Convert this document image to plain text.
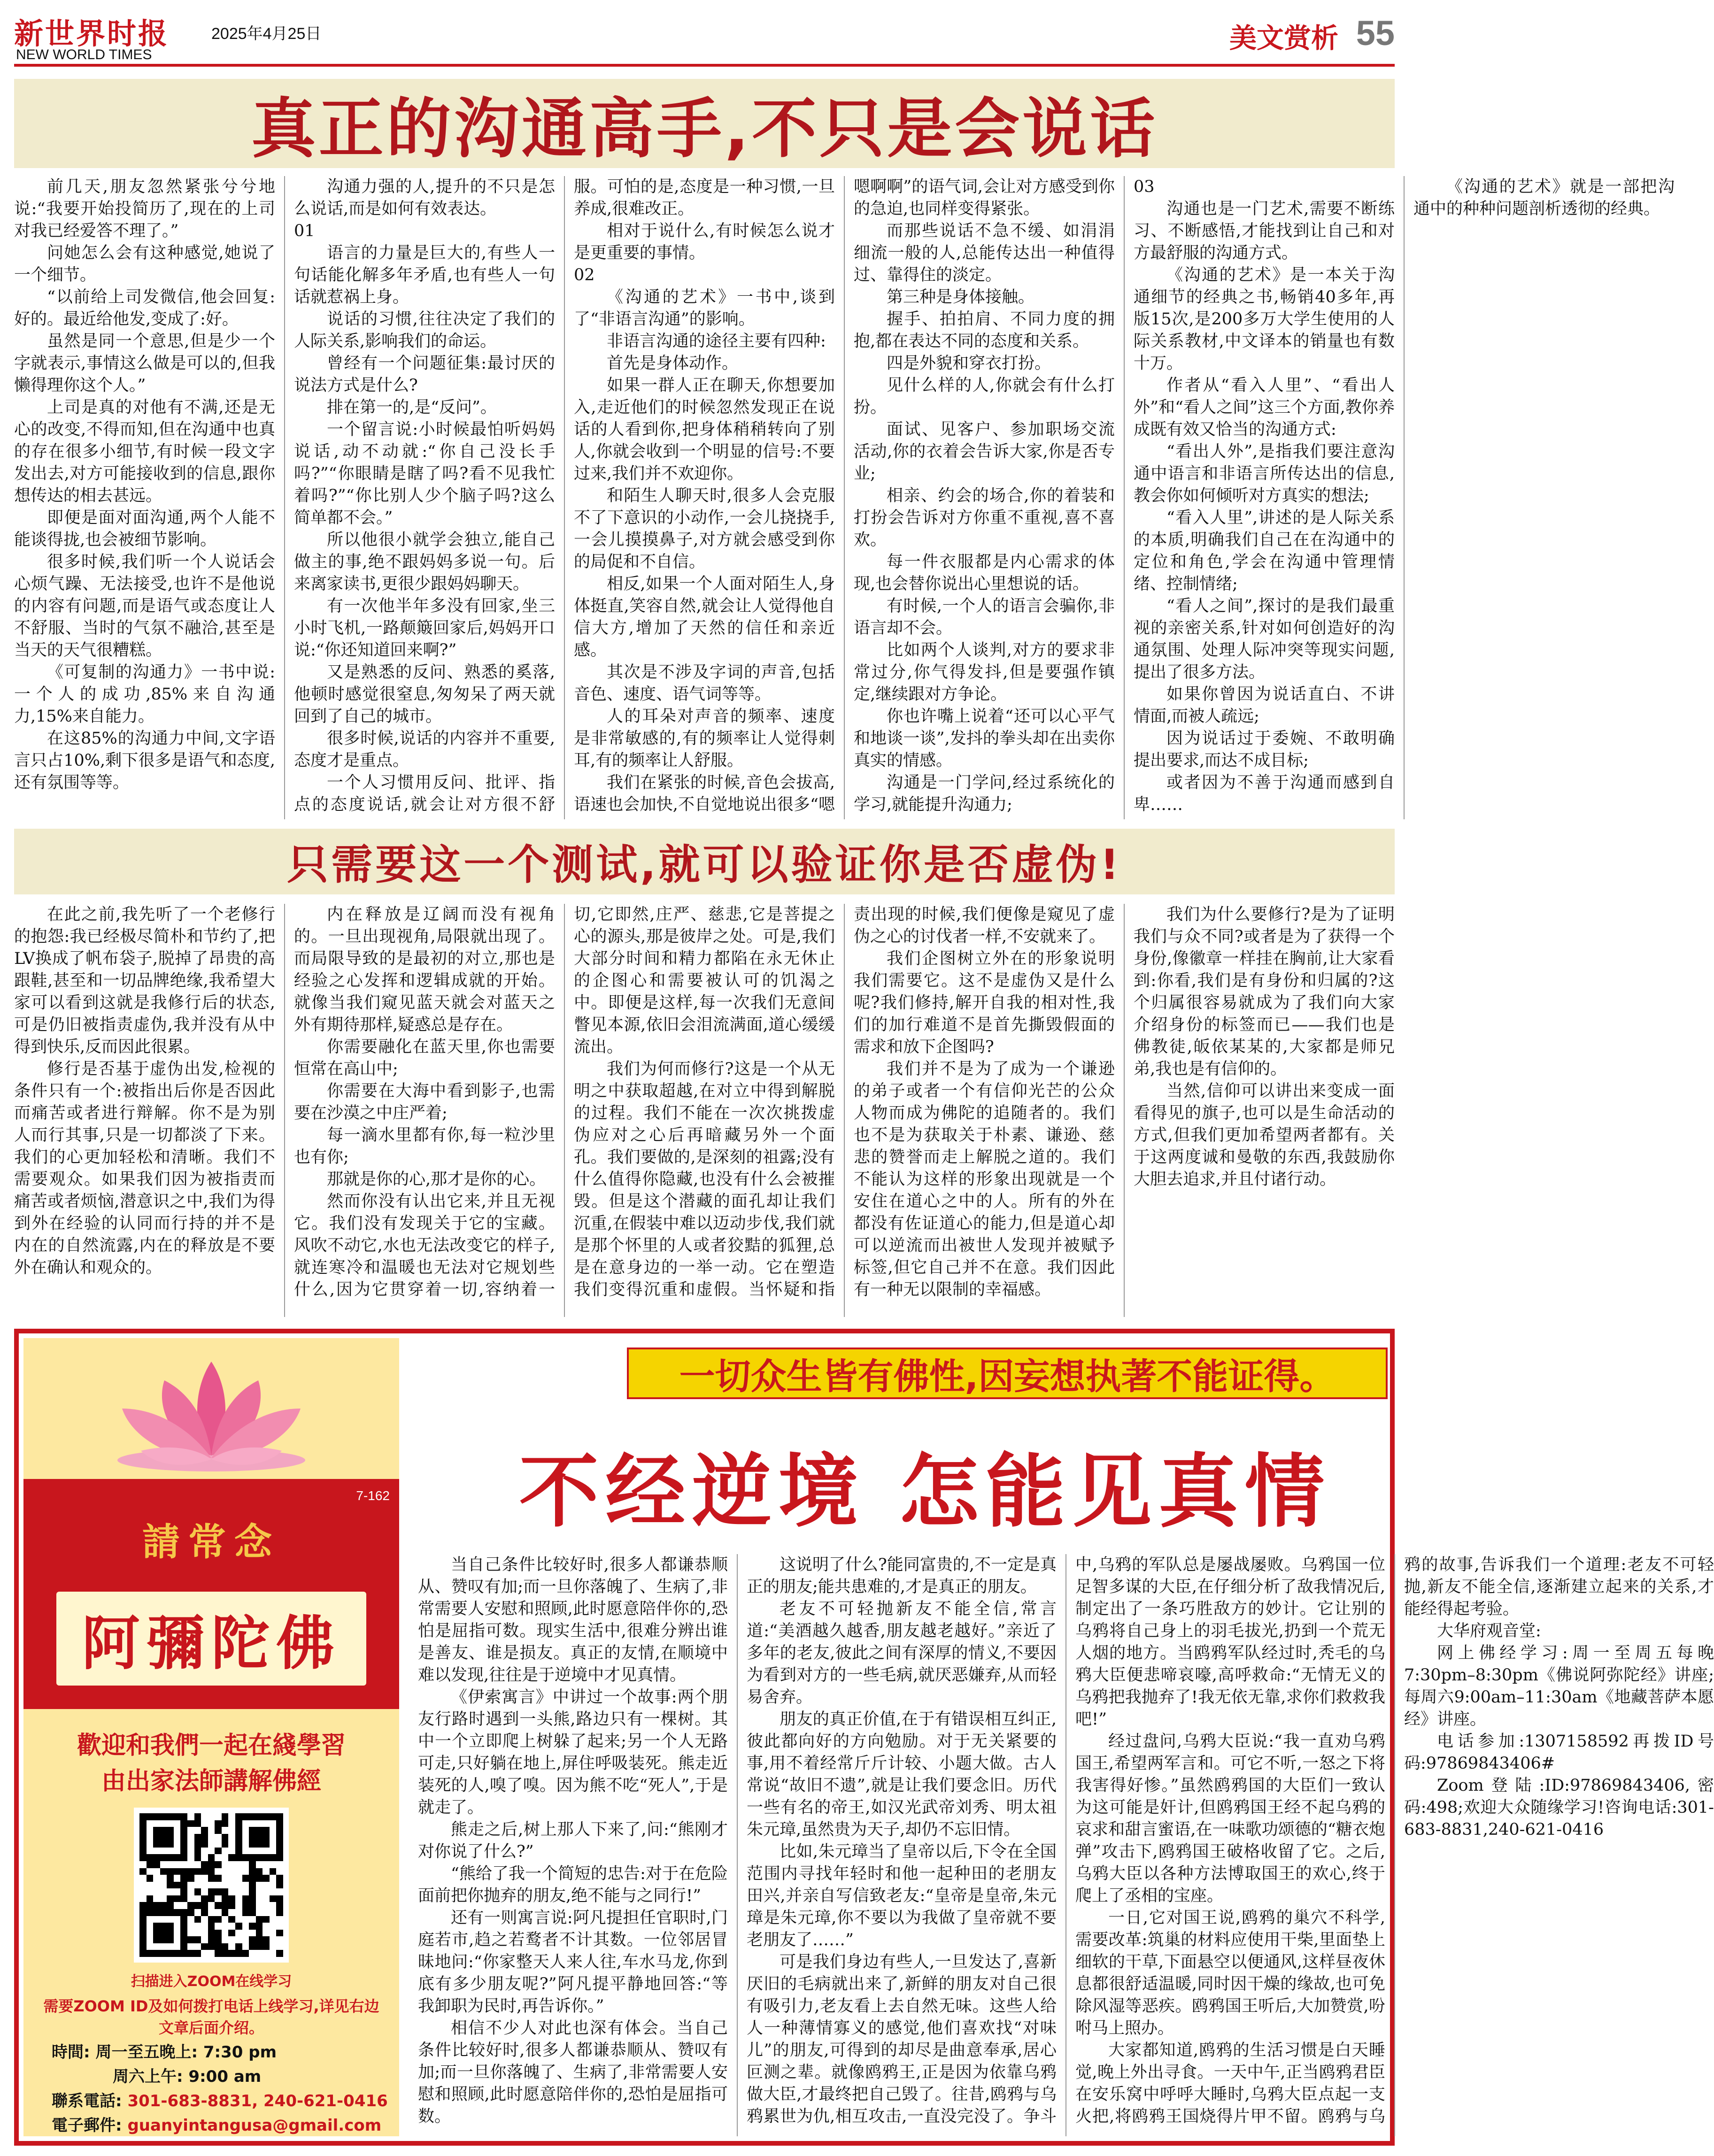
新世界时报
NEW WORLD TIMES
2025年4月25日	美文赏析 55
真正的沟通高手,不只是会说话

前几天,朋友忽然紧张兮兮地说:“我要开始投简历了,现在的上司对我已经爱答不理了。”

问她怎么会有这种感觉,她说了一个细节。

“以前给上司发微信,他会回复:好的。最近给他发,变成了:好。

虽然是同一个意思,但是少一个字就表示,事情这么做是可以的,但我懒得理你这个人。”

上司是真的对他有不满,还是无心的改变,不得而知,但在沟通中也真的存在很多小细节,有时候一段文字发出去,对方可能接收到的信息,跟你想传达的相去甚远。

即便是面对面沟通,两个人能不能谈得拢,也会被细节影响。

很多时候,我们听一个人说话会心烦气躁、无法接受,也许不是他说的内容有问题,而是语气或态度让人不舒服、当时的气氛不融洽,甚至是当天的天气很糟糕。

《可复制的沟通力》一书中说:一个人的成功,85%来自沟通力,15%来自能力。

在这85%的沟通力中间,文字语言只占10%,剩下很多是语气和态度,还有氛围等等。

沟通力强的人,提升的不只是怎么说话,而是如何有效表达。

01

语言的力量是巨大的,有些人一句话能化解多年矛盾,也有些人一句话就惹祸上身。

说话的习惯,往往决定了我们的人际关系,影响我们的命运。

曾经有一个问题征集:最讨厌的说法方式是什么?

排在第一的,是“反问”。

一个留言说:小时候最怕听妈妈说话,动不动就:“你自己没长手吗?”“你眼睛是瞎了吗?看不见我忙着吗?”“你比别人少个脑子吗?这么简单都不会。”

所以他很小就学会独立,能自己做主的事,绝不跟妈妈多说一句。后来离家读书,更很少跟妈妈聊天。

有一次他半年多没有回家,坐三小时飞机,一路颠簸回家后,妈妈开口说:“你还知道回来啊?”

又是熟悉的反问、熟悉的奚落,他顿时感觉很窒息,匆匆呆了两天就回到了自己的城市。

很多时候,说话的内容并不重要,态度才是重点。

一个人习惯用反问、批评、指点的态度说话,就会让对方很不舒服。可怕的是,态度是一种习惯,一旦养成,很难改正。

相对于说什么,有时候怎么说才是更重要的事情。

02

《沟通的艺术》一书中,谈到了“非语言沟通”的影响。

非语言沟通的途径主要有四种:

首先是身体动作。

如果一群人正在聊天,你想要加入,走近他们的时候忽然发现正在说话的人看到你,把身体稍稍转向了别人,你就会收到一个明显的信号:不要过来,我们并不欢迎你。

和陌生人聊天时,很多人会克服不了下意识的小动作,一会儿挠挠手,一会儿摸摸鼻子,对方就会感受到你的局促和不自信。

相反,如果一个人面对陌生人,身体挺直,笑容自然,就会让人觉得他自信大方,增加了天然的信任和亲近感。

其次是不涉及字词的声音,包括音色、速度、语气词等等。

人的耳朵对声音的频率、速度是非常敏感的,有的频率让人觉得刺耳,有的频率让人舒服。

我们在紧张的时候,音色会拔高,语速也会加快,不自觉地说出很多“嗯嗯啊啊”的语气词,会让对方感受到你的急迫,也同样变得紧张。

而那些说话不急不缓、如涓涓细流一般的人,总能传达出一种值得过、靠得住的淡定。

第三种是身体接触。

握手、拍拍肩、不同力度的拥抱,都在表达不同的态度和关系。

四是外貌和穿衣打扮。

见什么样的人,你就会有什么打扮。

面试、见客户、参加职场交流活动,你的衣着会告诉大家,你是否专业;

相亲、约会的场合,你的着装和打扮会告诉对方你重不重视,喜不喜欢。

每一件衣服都是内心需求的体现,也会替你说出心里想说的话。

有时候,一个人的语言会骗你,非语言却不会。

比如两个人谈判,对方的要求非常过分,你气得发抖,但是要强作镇定,继续跟对方争论。

你也许嘴上说着“还可以心平气和地谈一谈”,发抖的拳头却在出卖你真实的情感。

沟通是一门学问,经过系统化的学习,就能提升沟通力;

03

沟通也是一门艺术,需要不断练习、不断感悟,才能找到让自己和对方最舒服的沟通方式。

《沟通的艺术》是一本关于沟通细节的经典之书,畅销40多年,再版15次,是200多万大学生使用的人际关系教材,中文译本的销量也有数十万。

作者从“看入人里”、“看出人外”和“看人之间”这三个方面,教你养成既有效又恰当的沟通方式:

“看出人外”,是指我们要注意沟通中语言和非语言所传达出的信息,教会你如何倾听对方真实的想法;

“看入人里”,讲述的是人际关系的本质,明确我们自己在在沟通中的定位和角色,学会在沟通中管理情绪、控制情绪;

“看人之间”,探讨的是我们最重视的亲密关系,针对如何创造好的沟通氛围、处理人际冲突等现实问题,提出了很多方法。

如果你曾因为说话直白、不讲情面,而被人疏远;

因为说话过于委婉、不敢明确提出要求,而达不成目标;

或者因为不善于沟通而感到自卑……

《沟通的艺术》就是一部把沟通中的种种问题剖析透彻的经典。

只需要这一个测试,就可以验证你是否虚伪!

在此之前,我先听了一个老修行的抱怨:我已经极尽简朴和节约了,把LV换成了帆布袋子,脱掉了昂贵的高跟鞋,甚至和一切品牌绝缘,我希望大家可以看到这就是我修行后的状态,可是仍旧被指责虚伪,我并没有从中得到快乐,反而因此很累。

修行是否基于虚伪出发,检视的条件只有一个:被指出后你是否因此而痛苦或者进行辩解。你不是为别人而行其事,只是一切都淡了下来。我们的心更加轻松和清晰。我们不需要观众。如果我们因为被指责而痛苦或者烦恼,潜意识之中,我们为得到外在经验的认同而行持的并不是内在的自然流露,内在的释放是不要外在确认和观众的。

内在释放是辽阔而没有视角的。一旦出现视角,局限就出现了。而局限导致的是最初的对立,那也是经验之心发挥和逻辑成就的开始。就像当我们窥见蓝天就会对蓝天之外有期待那样,疑惑总是存在。

你需要融化在蓝天里,你也需要恒常在高山中;

你需要在大海中看到影子,也需要在沙漠之中庄严着;

每一滴水里都有你,每一粒沙里也有你;

那就是你的心,那才是你的心。

然而你没有认出它来,并且无视它。我们没有发现关于它的宝藏。风吹不动它,水也无法改变它的样子,就连寒冷和温暖也无法对它规划些什么,因为它贯穿着一切,容纳着一切,它即然,庄严、慈悲,它是菩提之心的源头,那是彼岸之处。可是,我们大部分时间和精力都陷在永无休止的企图心和需要被认可的饥渴之中。即便是这样,每一次我们无意间瞥见本源,依旧会泪流满面,道心缓缓流出。

我们为何而修行?这是一个从无明之中获取超越,在对立中得到解脱的过程。我们不能在一次次挑拨虚伪应对之心后再暗藏另外一个面孔。我们要做的,是深刻的祖露;没有什么值得你隐藏,也没有什么会被摧毁。但是这个潜藏的面孔却让我们沉重,在假装中难以迈动步伐,我们就是那个怀里的人或者狡黠的狐狸,总是在意身边的一举一动。它在塑造我们变得沉重和虚假。当怀疑和指责出现的时候,我们便像是窥见了虚伪之心的讨伐者一样,不安就来了。

我们企图树立外在的形象说明我们需要它。这不是虚伪又是什么呢?我们修持,解开自我的相对性,我们的加行难道不是首先撕毁假面的需求和放下企图吗?

我们并不是为了成为一个谦逊的弟子或者一个有信仰光芒的公众人物而成为佛陀的追随者的。我们也不是为获取关于朴素、谦逊、慈悲的赞誉而走上解脱之道的。我们不能认为这样的形象出现就是一个安住在道心之中的人。所有的外在都没有佐证道心的能力,但是道心却可以逆流而出被世人发现并被赋予标签,但它自己并不在意。我们因此有一种无以限制的幸福感。

我们为什么要修行?是为了证明我们与众不同?或者是为了获得一个身份,像徽章一样挂在胸前,让大家看到:你看,我们是有身份和归属的?这个归属很容易就成为了我们向大家介绍身份的标签而已——我们也是佛教徒,皈依某某的,大家都是师兄弟,我也是有信仰的。

当然,信仰可以讲出来变成一面看得见的旗子,也可以是生命活动的方式,但我们更加希望两者都有。关于这两度诚和曼敬的东西,我鼓励你大胆去追求,并且付诸行动。

7-162
請常念
阿彌陀佛
歡迎和我們一起在綫學習
由出家法師講解佛經
扫描进入ZOOM在线学习
需要ZOOM ID及如何拨打电话上线学习,详见右边文章后面介绍。
時間: 周一至五晚上: 7:30 pm
周六上午: 9:00 am
聯系電話: 301-683-8831, 240-621-0416
電子郵件: guanyintangusa@gmail.com
一切众生皆有佛性,因妄想执著不能证得。
不经逆境 怎能见真情

当自己条件比较好时,很多人都谦恭顺从、赞叹有加;而一旦你落魄了、生病了,非常需要人安慰和照顾,此时愿意陪伴你的,恐怕是屈指可数。现实生活中,很难分辨出谁是善友、谁是损友。真正的友情,在顺境中难以发现,往往是于逆境中才见真情。

《伊索寓言》中讲过一个故事:两个朋友行路时遇到一头熊,路边只有一棵树。其中一个立即爬上树躲了起来;另一个人无路可走,只好躺在地上,屏住呼吸装死。熊走近装死的人,嗅了嗅。因为熊不吃“死人”,于是就走了。

熊走之后,树上那人下来了,问:“熊刚才对你说了什么?”

“熊给了我一个简短的忠告:对于在危险面前把你抛弃的朋友,绝不能与之同行!”

还有一则寓言说:阿凡提担任官职时,门庭若市,趋之若鹜者不计其数。一位邻居冒昧地问:“你家整天人来人往,车水马龙,你到底有多少朋友呢?”阿凡提平静地回答:“等我卸职为民时,再告诉你。”

相信不少人对此也深有体会。当自己条件比较好时,很多人都谦恭顺从、赞叹有加;而一旦你落魄了、生病了,非常需要人安慰和照顾,此时愿意陪伴你的,恐怕是屈指可数。

这说明了什么?能同富贵的,不一定是真正的朋友;能共患难的,才是真正的朋友。

老友不可轻抛新友不能全信,常言道:“美酒越久越香,朋友越老越好。”亲近了多年的老友,彼此之间有深厚的情义,不要因为看到对方的一些毛病,就厌恶嫌弃,从而轻易舍弃。

朋友的真正价值,在于有错误相互纠正,彼此都向好的方向勉励。对于无关紧要的事,用不着经常斤斤计较、小题大做。古人常说“故旧不遗”,就是让我们要念旧。历代一些有名的帝王,如汉光武帝刘秀、明太祖朱元璋,虽然贵为天子,却仍不忘旧情。

比如,朱元璋当了皇帝以后,下令在全国范围内寻找年轻时和他一起种田的老朋友田兴,并亲自写信致老友:“皇帝是皇帝,朱元璋是朱元璋,你不要以为我做了皇帝就不要老朋友了……”

可是我们身边有些人,一旦发达了,喜新厌旧的毛病就出来了,新鲜的朋友对自己很有吸引力,老友看上去自然无味。这些人给人一种薄情寡义的感觉,他们喜欢找“对味儿”的朋友,可得到的却尽是曲意奉承,居心叵测之辈。就像鸥鸦王,正是因为依靠乌鸦做大臣,才最终把自己毁了。往昔,鸥鸦与乌鸦累世为仇,相互攻击,一直没完没了。争斗中,乌鸦的军队总是屡战屡败。乌鸦国一位足智多谋的大臣,在仔细分析了敌我情况后,制定出了一条巧胜敌方的妙计。它让别的乌鸦将自己身上的羽毛拔光,扔到一个荒无人烟的地方。当鸥鸦军队经过时,秃毛的乌鸦大臣便悲啼哀嚎,高呼救命:“无情无义的乌鸦把我抛弃了!我无依无靠,求你们救救我吧!”

经过盘问,乌鸦大臣说:“我一直劝乌鸦国王,希望两军言和。可它不听,一怒之下将我害得好惨。”虽然鸥鸦国的大臣们一致认为这可能是奸计,但鸥鸦国王经不起乌鸦的哀求和甜言蜜语,在一味歌功颂德的“糖衣炮弹”攻击下,鸥鸦国王破格收留了它。之后,乌鸦大臣以各种方法博取国王的欢心,终于爬上了丞相的宝座。

一日,它对国王说,鸥鸦的巢穴不科学,需要改革:筑巢的材料应使用干柴,里面垫上细软的干草,下面悬空以便通风,这样昼夜休息都很舒适温暖,同时因干燥的缘故,也可免除风湿等恶疾。鸥鸦国王听后,大加赞赏,吩咐马上照办。

大家都知道,鸥鸦的生活习惯是白天睡觉,晚上外出寻食。一天中午,正当鸥鸦君臣在安乐窝中呼呼大睡时,乌鸦大臣点起一支火把,将鸥鸦王国烧得片甲不留。鸥鸦与乌鸦的故事,告诉我们一个道理:老友不可轻抛,新友不能全信,逐渐建立起来的关系,才能经得起考验。

大华府观音堂:

网上佛经学习:周一至周五每晚7:30pm–8:30pm《佛说阿弥陀经》讲座;每周六9:00am–11:30am《地藏菩萨本愿经》讲座。

电话参加:1307158592再拨ID号码:97869843406#

Zoom登陆:ID:97869843406,密码:498;欢迎大众随缘学习!咨询电话:301-683-8831,240-621-0416
